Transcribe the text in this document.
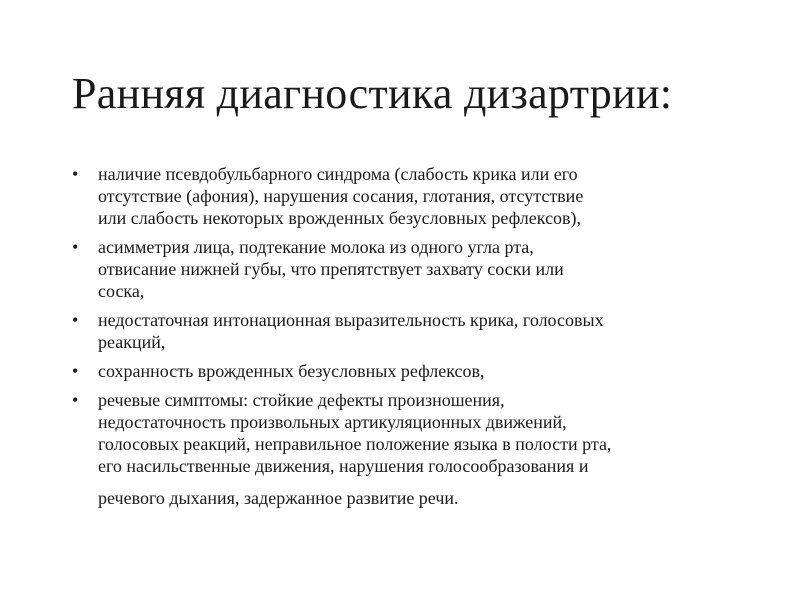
Ранняя диагностика дизартрии:
• наличие псевдобульбарного синдрома (слабость крика или его
отсутствие (афония), нарушения сосания, глотания, отсутствие
или слабость некоторых врожденных безусловных рефлексов),
• асимметрия лица, подтекание молока из одного угла рта,
отвисание нижней губы, что препятствует захвату соски или
соска,
• недостаточная интонационная выразительность крика, голосовых
реакций,
• сохранность врожденных безусловных рефлексов,
• речевые симптомы: стойкие дефекты произношения,
недостаточность произвольных артикуляционных движений,
голосовых реакций, неправильное положение языка в полости рта,
его насильственные движения, нарушения голосообразования и
речевого дыхания, задержанное развитие речи.
